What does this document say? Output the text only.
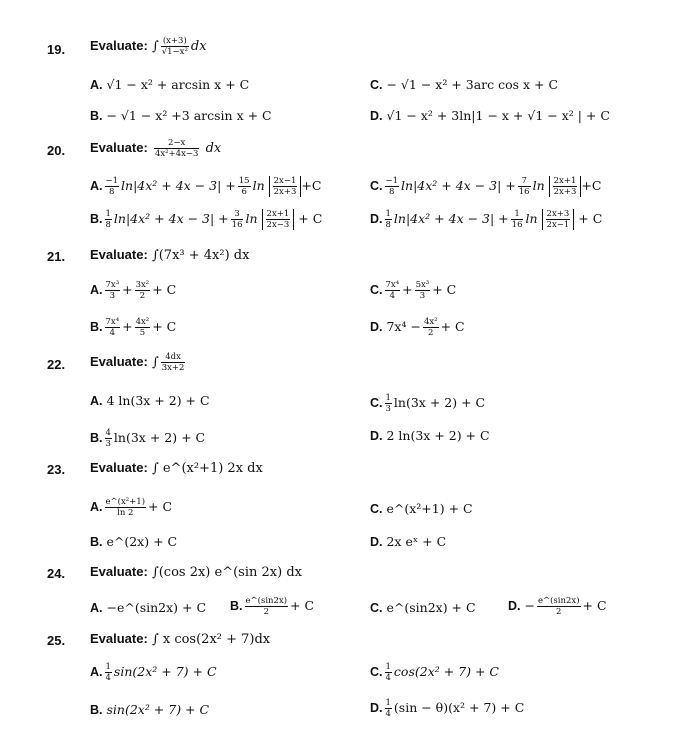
19. Evaluate: ∫ $\frac{(x+3)}{\text{√1−x²}}$ dx
A. √1 − x² + arcsin x + C	C. − √1 − x² + 3arc cos x + C
B. − √1 − x² +3 arcsin x + C	D. √1 − x² + 3ln|1 − x + √1 − x² | + C
20. Evaluate: $\frac{2-x}{\text{4x²+4x−3}}$ dx
A. $\frac{-1}{8} \ln|4x^2 + 4x - 3| + \frac{15}{6}$ $\ln \frac{2x-1}{2x+3} +C$	C. $\frac{-1}{8} \ln|4x^2 + 4x - 3| + \frac{7}{16}$ $\ln \frac{2x+1}{2x+3} +C$
B. $\frac{1}{8} \ln|4x^2 + 4x - 3| + \frac{3}{16}$ $\ln \frac{2x+1}{2x-3} + C$	D. $\frac{1}{8} \ln|4x^2 + 4x - 3| + \frac{1}{16}$ $\ln \frac{2x+3}{2x-1} + C$
21. Evaluate: ∫(7x³ + 4x²) dx
A. $\frac{\text{7x³}}{3} + \frac{\text{3x²}}{2} + C$	C. $\frac{\text{7x⁴}}{4} + \frac{\text{5x³}}{3} + C$
B. $\frac{\text{7x⁴}}{4} + \frac{\text{4x²}}{5} + C$	D. $7x^4 - \frac{\text{4x²}}{2} + C$
22. Evaluate: ∫ $\frac{4dx}{3x+2}$
A. 4 ln(3x + 2) + C	C. $\frac{1}{3} \ln(3x + 2) + C$
B. $\frac{4}{3} \ln(3x + 2) + C$	D. 2 ln(3x + 2) + C
23. Evaluate: ∫ e^(x²+1) 2x dx
A. $\frac{\text{e\textasciicircum{}(x²+1)}}{\ln 2} + C$	C. e^(x²+1) + C
B. e^(2x) + C	D. 2x eˣ + C
24. Evaluate: ∫(cos 2x) e^(sin 2x) dx
A. −e^(sin2x) + C B. $\frac{e\^{}(\sin 2x)}{2} + C$	C. e^(sin2x) + C	D. − $\frac{e\^{}(\sin 2x)}{2} + C$
25. Evaluate: ∫ x cos(2x² + 7)dx
A. $\frac{1}{4} \sin(2x^2 + 7) + C$	C. $\frac{1}{4} \cos(2x^2 + 7) + C$
B. sin(2x² + 7) + C	D. $\frac{1}{4} (\sin - \theta)(x^2 + 7) + C$
